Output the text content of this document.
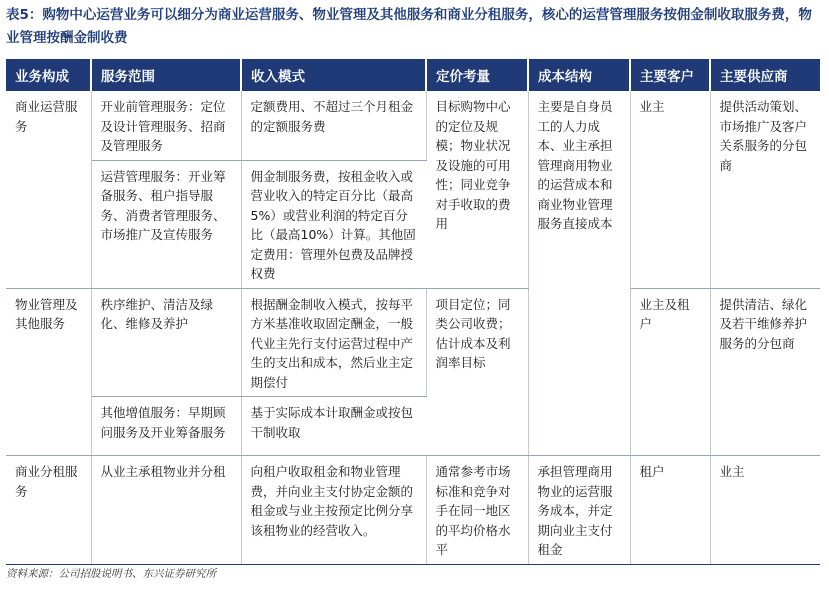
表5：购物中心运营业务可以细分为商业运营服务、物业管理及其他服务和商业分租服务，核心的运营管理服务按佣金制收取服务费，物业管理按酬金制收费
业务构成	服务范围	收入模式	定价考量	成本结构	主要客户	主要供应商
商业运营服务	开业前管理服务：定位及设计管理服务、招商及管理服务	定额费用、不超过三个月租金的定额服务费	目标购物中心的定位及规模；物业状况及设施的可用性；同业竞争对手收取的费用	主要是自身员工的人力成本、业主承担管理商用物业的运营成本和商业物业管理服务直接成本	业主	提供活动策划、市场推广及客户关系服务的分包商
	运营管理服务：开业筹备服务、租户指导服务、消费者管理服务、市场推广及宣传服务	佣金制服务费，按租金收入或营业收入的特定百分比（最高5%）或营业利润的特定百分比（最高10%）计算。其他固定费用：管理外包费及品牌授权费				
物业管理及其他服务	秩序维护、清洁及绿化、维修及养护	根据酬金制收入模式，按每平方米基准收取固定酬金，一般代业主先行支付运营过程中产生的支出和成本，然后业主定期偿付	项目定位；同类公司收费；估计成本及利润率目标		业主及租户	提供清洁、绿化及若干维修养护服务的分包商
	其他增值服务：早期顾问服务及开业筹备服务	基于实际成本计取酬金或按包干制收取				
商业分租服务	从业主承租物业并分租	向租户收取租金和物业管理费，并向业主支付协定金额的租金或与业主按预定比例分享该租物业的经营收入。	通常参考市场标准和竞争对手在同一地区的平均价格水平	承担管理商用物业的运营服务成本，并定期向业主支付租金	租户	业主
资料来源：公司招股说明书、东兴证券研究所
